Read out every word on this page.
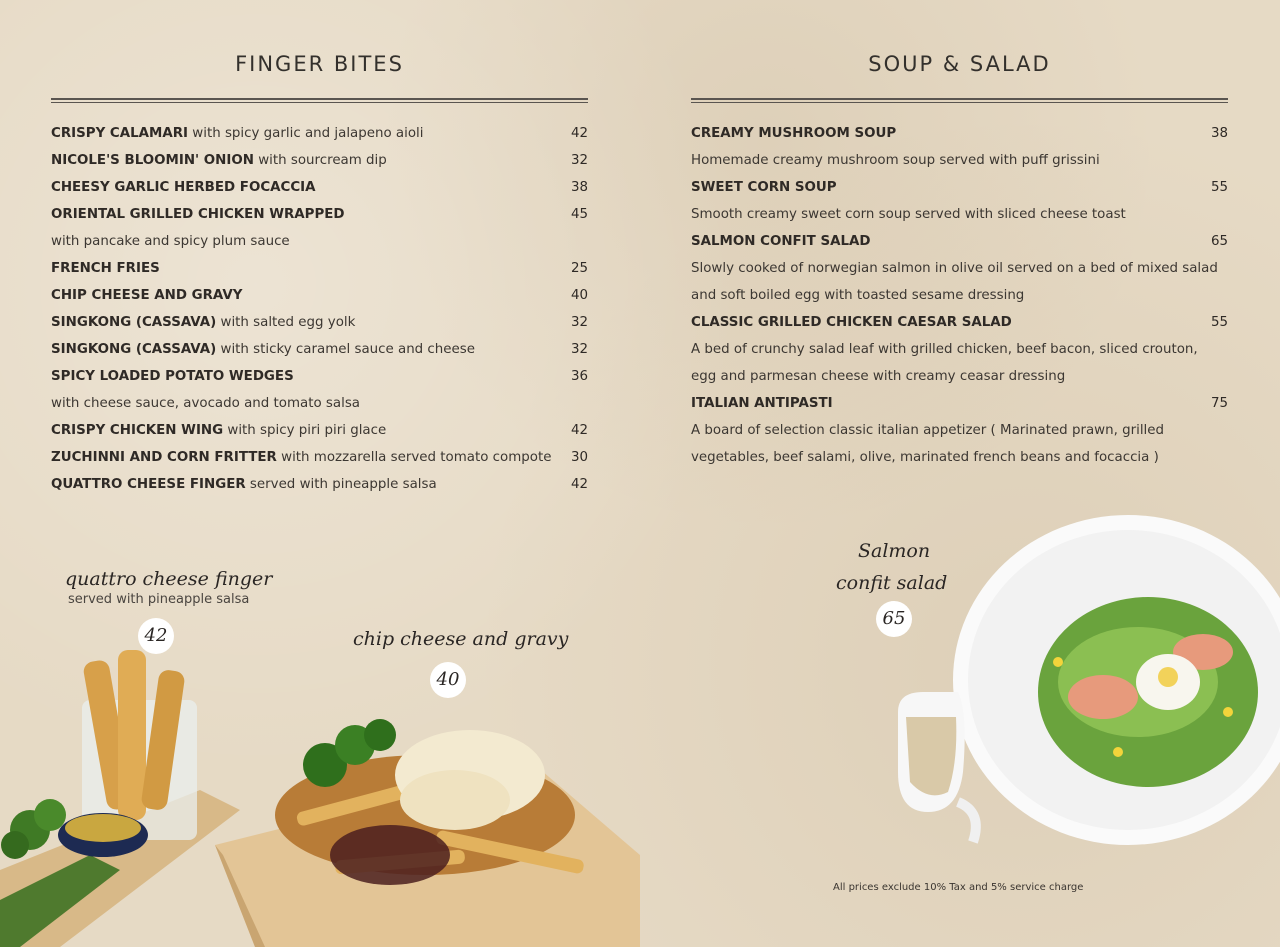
FINGER BITES
CRISPY CALAMARI with spicy garlic and jalapeno aioli	42
NICOLE'S BLOOMIN' ONION with sourcream dip	32
CHEESY GARLIC HERBED FOCACCIA	38
ORIENTAL GRILLED CHICKEN WRAPPED	45
with pancake and spicy plum sauce
FRENCH FRIES	25
CHIP CHEESE AND GRAVY	40
SINGKONG (CASSAVA) with salted egg yolk	32
SINGKONG (CASSAVA) with sticky caramel sauce and cheese	32
SPICY LOADED POTATO WEDGES	36
with cheese sauce, avocado and tomato salsa
CRISPY CHICKEN WING with spicy piri piri glace	42
ZUCHINNI AND CORN FRITTER with mozzarella served tomato compote 30
QUATTRO CHEESE FINGER served with pineapple salsa	42
SOUP & SALAD
CREAMY MUSHROOM SOUP	38
Homemade creamy mushroom soup served with puff grissini
SWEET CORN SOUP	55
Smooth creamy sweet corn soup served with sliced cheese toast
SALMON CONFIT SALAD	65
Slowly cooked of norwegian salmon in olive oil served on a bed of mixed salad
and soft boiled egg with toasted sesame dressing
CLASSIC GRILLED CHICKEN CAESAR SALAD	55
A bed of crunchy salad leaf with grilled chicken, beef bacon, sliced crouton,
egg and parmesan cheese with creamy ceasar dressing
ITALIAN ANTIPASTI	75
A board of selection classic italian appetizer ( Marinated prawn, grilled
vegetables, beef salami, olive, marinated french beans and focaccia )
quattro cheese finger
served with pineapple salsa
42	chip cheese and gravy
40
Salmon
confit salad
65
All prices exclude 10% Tax and 5% service charge
